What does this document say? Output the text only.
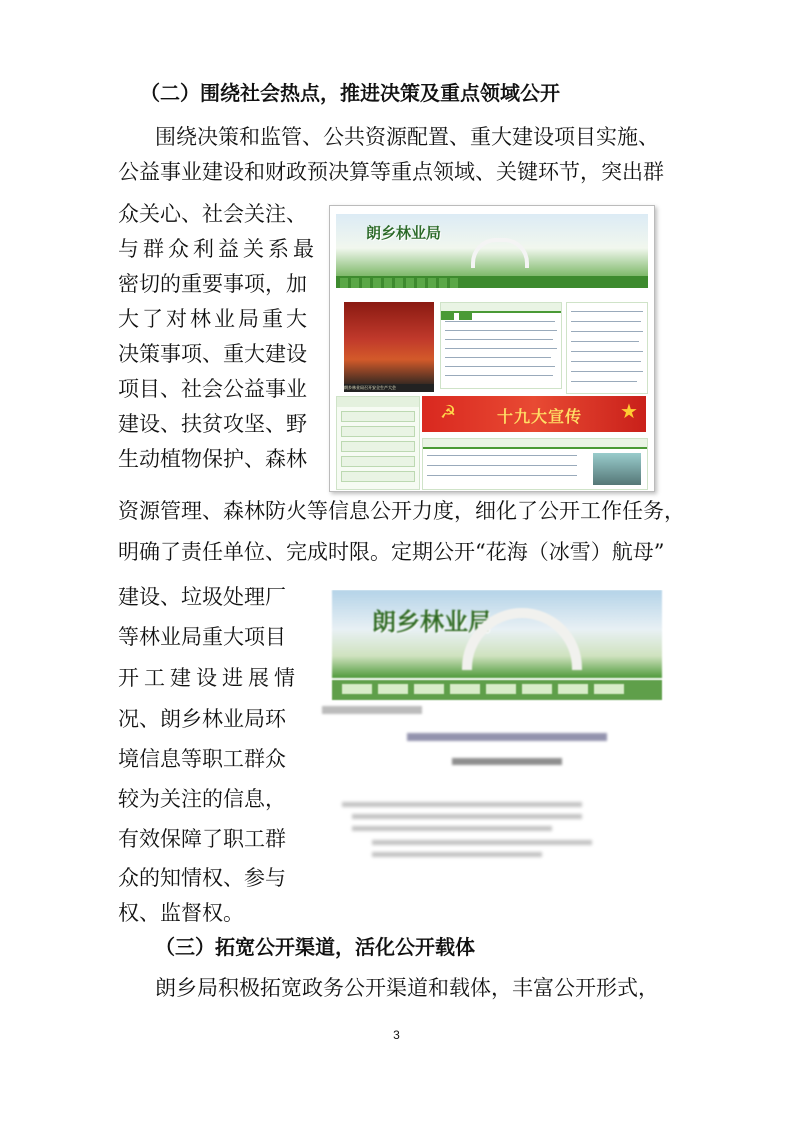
（二）围绕社会热点，推进决策及重点领域公开
围绕决策和监管、公共资源配置、重大建设项目实施、
公益事业建设和财政预决算等重点领域、关键环节，突出群
众关心、社会关注、
与群众利益关系最
密切的重要事项，加
大了对林业局重大
决策事项、重大建设
项目、社会公益事业
建设、扶贫攻坚、野
生动植物保护、森林
资源管理、森林防火等信息公开力度，细化了公开工作任务，
明确了责任单位、完成时限。定期公开“花海（冰雪）航母”
朗乡林业局
朗乡林业局召开安全生产大会

☭	十九大宣传 ★
建设、垃圾处理厂
等林业局重大项目
开工建设进展情
况、朗乡林业局环
境信息等职工群众
较为关注的信息，
有效保障了职工群
众的知情权、参与
权、监督权。
朗乡林业局
（三）拓宽公开渠道，活化公开载体
朗乡局积极拓宽政务公开渠道和载体，丰富公开形式，
3
